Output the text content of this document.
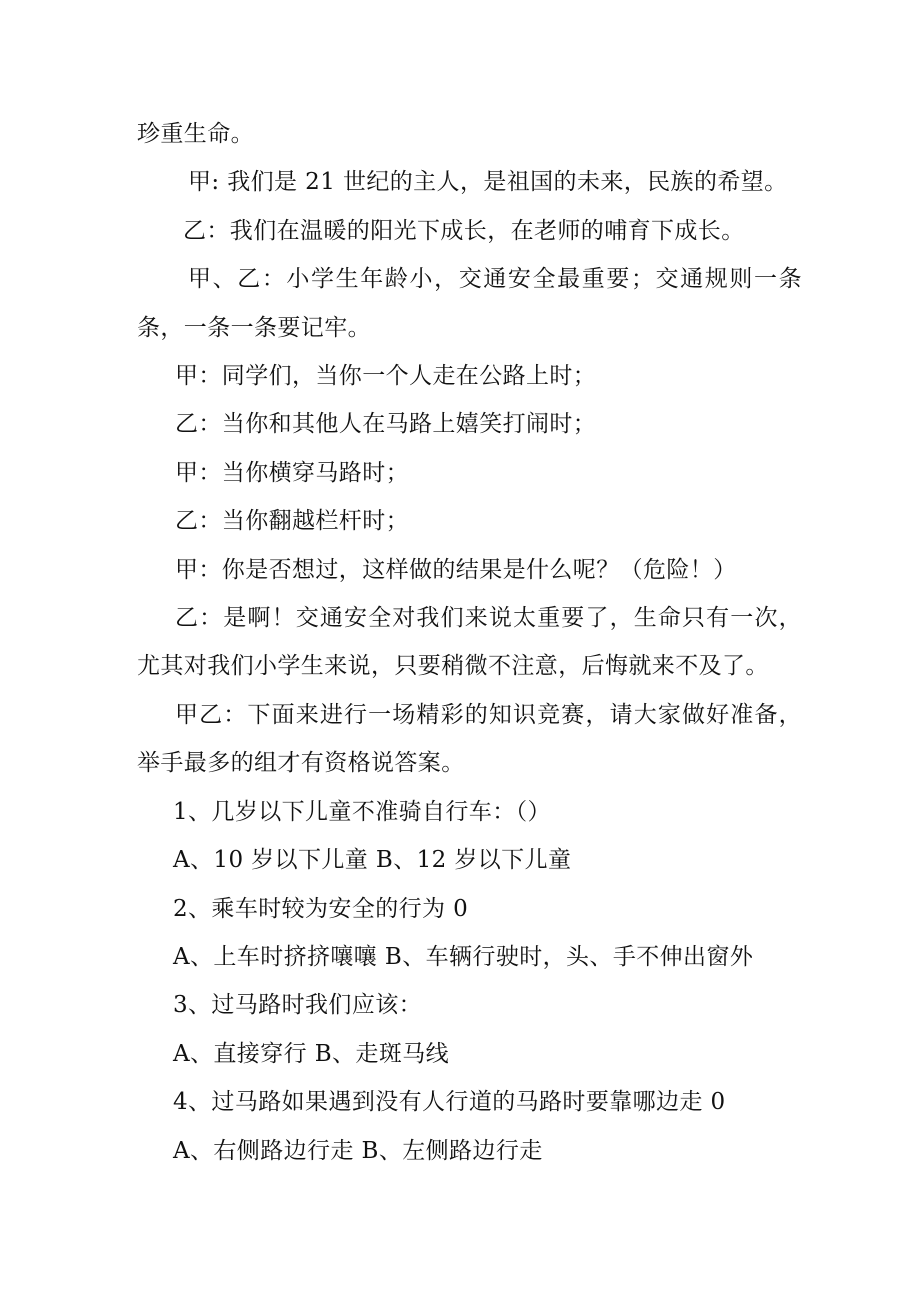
珍重生命。

甲: 我们是 21 世纪的主人，是祖国的未来，民族的希望。

乙：我们在温暖的阳光下成长，在老师的哺育下成长。

甲、乙：小学生年龄小，交通安全最重要；交通规则一条条，一条一条要记牢。

甲：同学们，当你一个人走在公路上时；

乙：当你和其他人在马路上嬉笑打闹时；

甲：当你横穿马路时；

乙：当你翻越栏杆时；

甲：你是否想过，这样做的结果是什么呢？（危险！）

乙：是啊！交通安全对我们来说太重要了，生命只有一次，尤其对我们小学生来说，只要稍微不注意，后悔就来不及了。

甲乙：下面来进行一场精彩的知识竞赛，请大家做好准备，举手最多的组才有资格说答案。

1、几岁以下儿童不准骑自行车：（）

A、10 岁以下儿童 B、12 岁以下儿童

2、乘车时较为安全的行为 0

A、上车时挤挤嚷嚷 B、车辆行驶时，头、手不伸出窗外

3、过马路时我们应该：

A、直接穿行 B、走斑马线

4、过马路如果遇到没有人行道的马路时要靠哪边走 0

A、右侧路边行走 B、左侧路边行走
